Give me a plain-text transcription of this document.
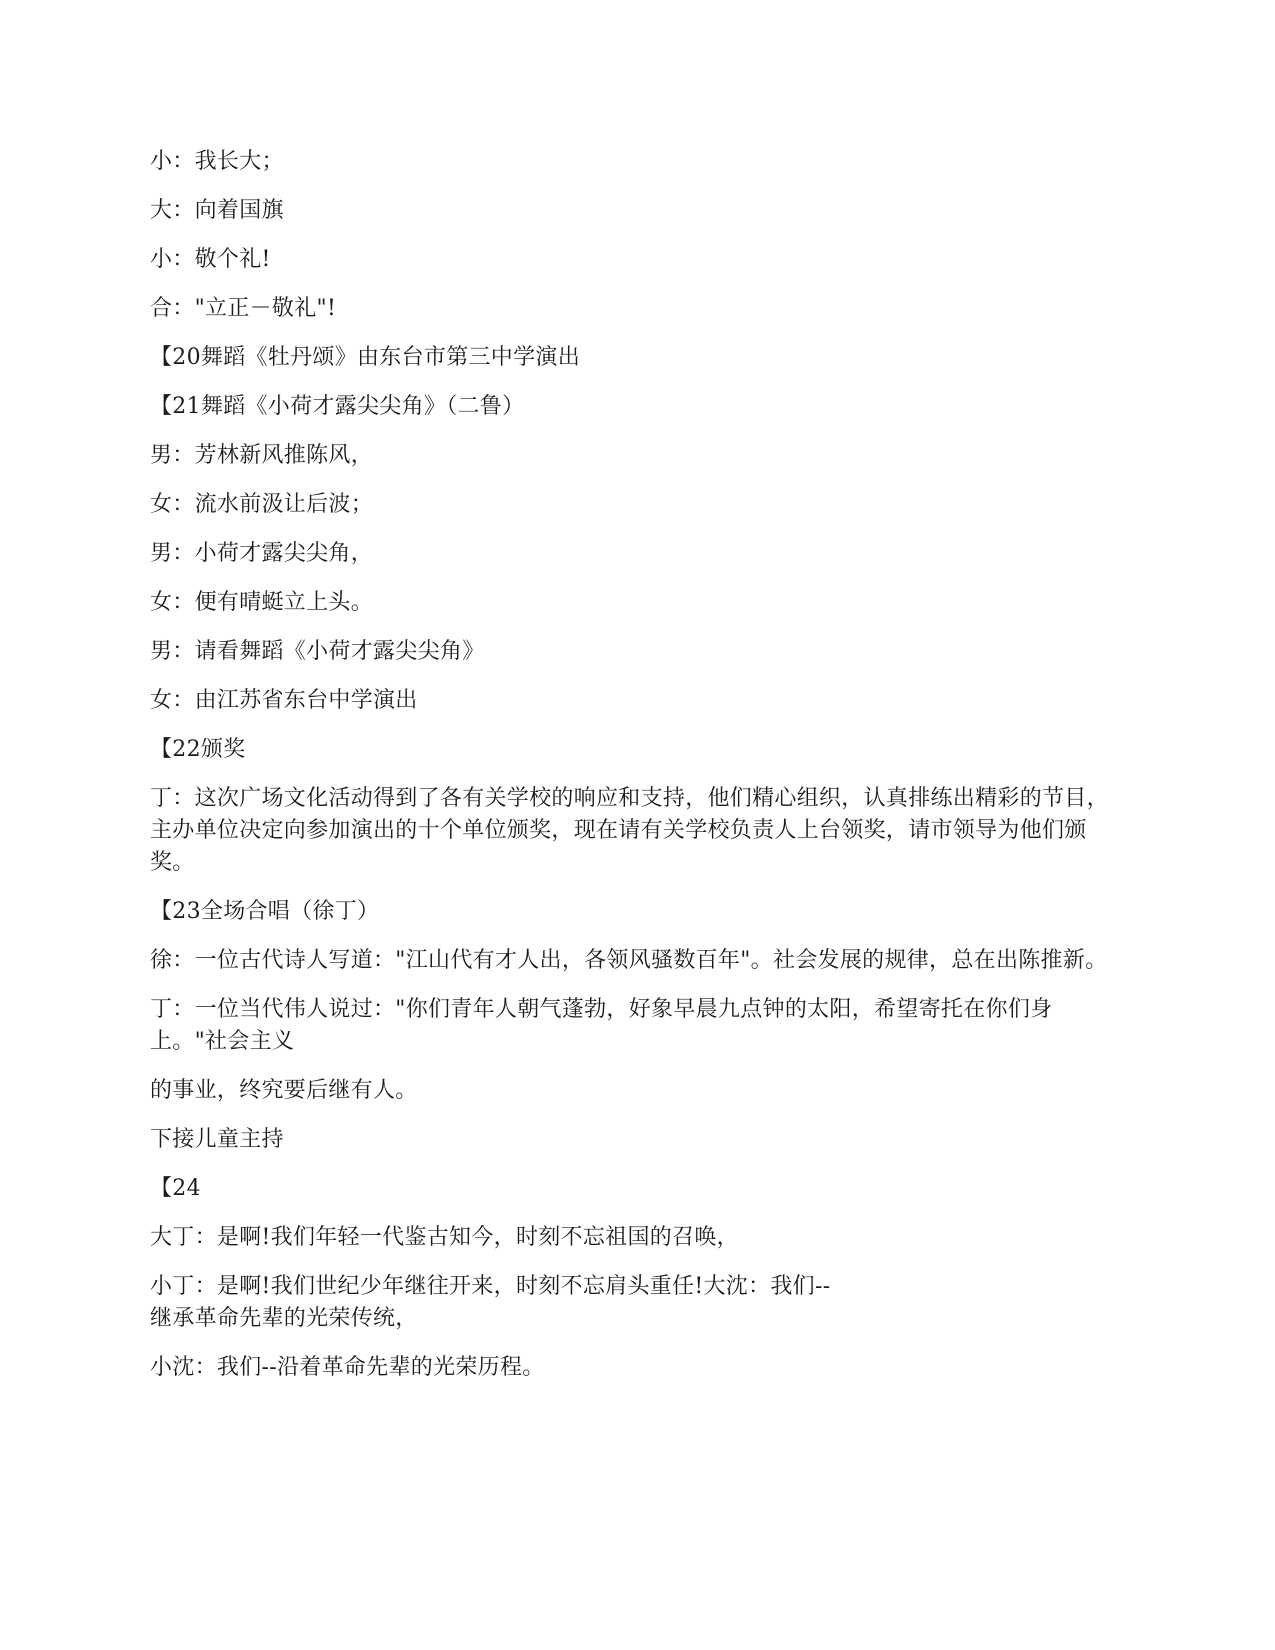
小：我长大；

大：向着国旗

小：敬个礼!

合："立正－敬礼"!

【20舞蹈《牡丹颂》由东台市第三中学演出

【21舞蹈《小荷才露尖尖角》（二鲁）

男：芳林新风推陈风，

女：流水前汲让后波；

男：小荷才露尖尖角，

女：便有晴蜓立上头。

男：请看舞蹈《小荷才露尖尖角》

女：由江苏省东台中学演出

【22颁奖

丁：这次广场文化活动得到了各有关学校的响应和支持，他们精心组织，认真排练出精彩的节目，主办单位决定向参加演出的十个单位颁奖，现在请有关学校负责人上台领奖，请市领导为他们颁奖。

【23全场合唱（徐丁）

徐：一位古代诗人写道："江山代有才人出，各领风骚数百年"。社会发展的规律，总在出陈推新。

丁：一位当代伟人说过："你们青年人朝气蓬勃，好象早晨九点钟的太阳，希望寄托在你们身上。"社会主义

的事业，终究要后继有人。

下接儿童主持

【24

大丁：是啊!我们年轻一代鉴古知今，时刻不忘祖国的召唤，

小丁：是啊!我们世纪少年继往开来，时刻不忘肩头重任!大沈：我们--
继承革命先辈的光荣传统，

小沈：我们--沿着革命先辈的光荣历程。
